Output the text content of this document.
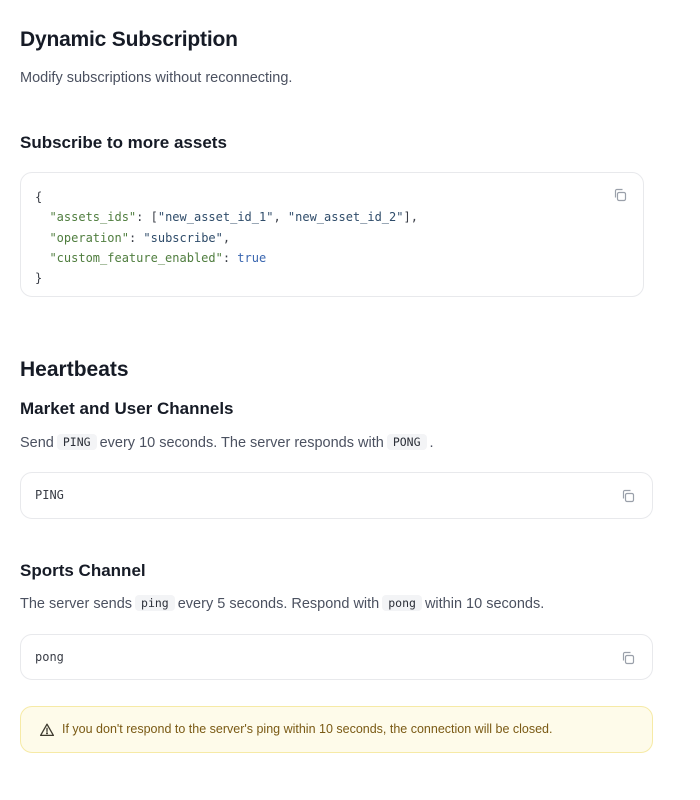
Dynamic Subscription
Modify subscriptions without reconnecting.
Subscribe to more assets
{
"assets_ids": ["new_asset_id_1", "new_asset_id_2"],
"operation": "subscribe",
"custom_feature_enabled": true
}
Heartbeats
Market and User Channels
Send PING every 10 seconds. The server responds with PONG .
PING
Sports Channel
The server sends ping every 5 seconds. Respond with pong within 10 seconds.
pong
If you don't respond to the server's ping within 10 seconds, the connection will be closed.
